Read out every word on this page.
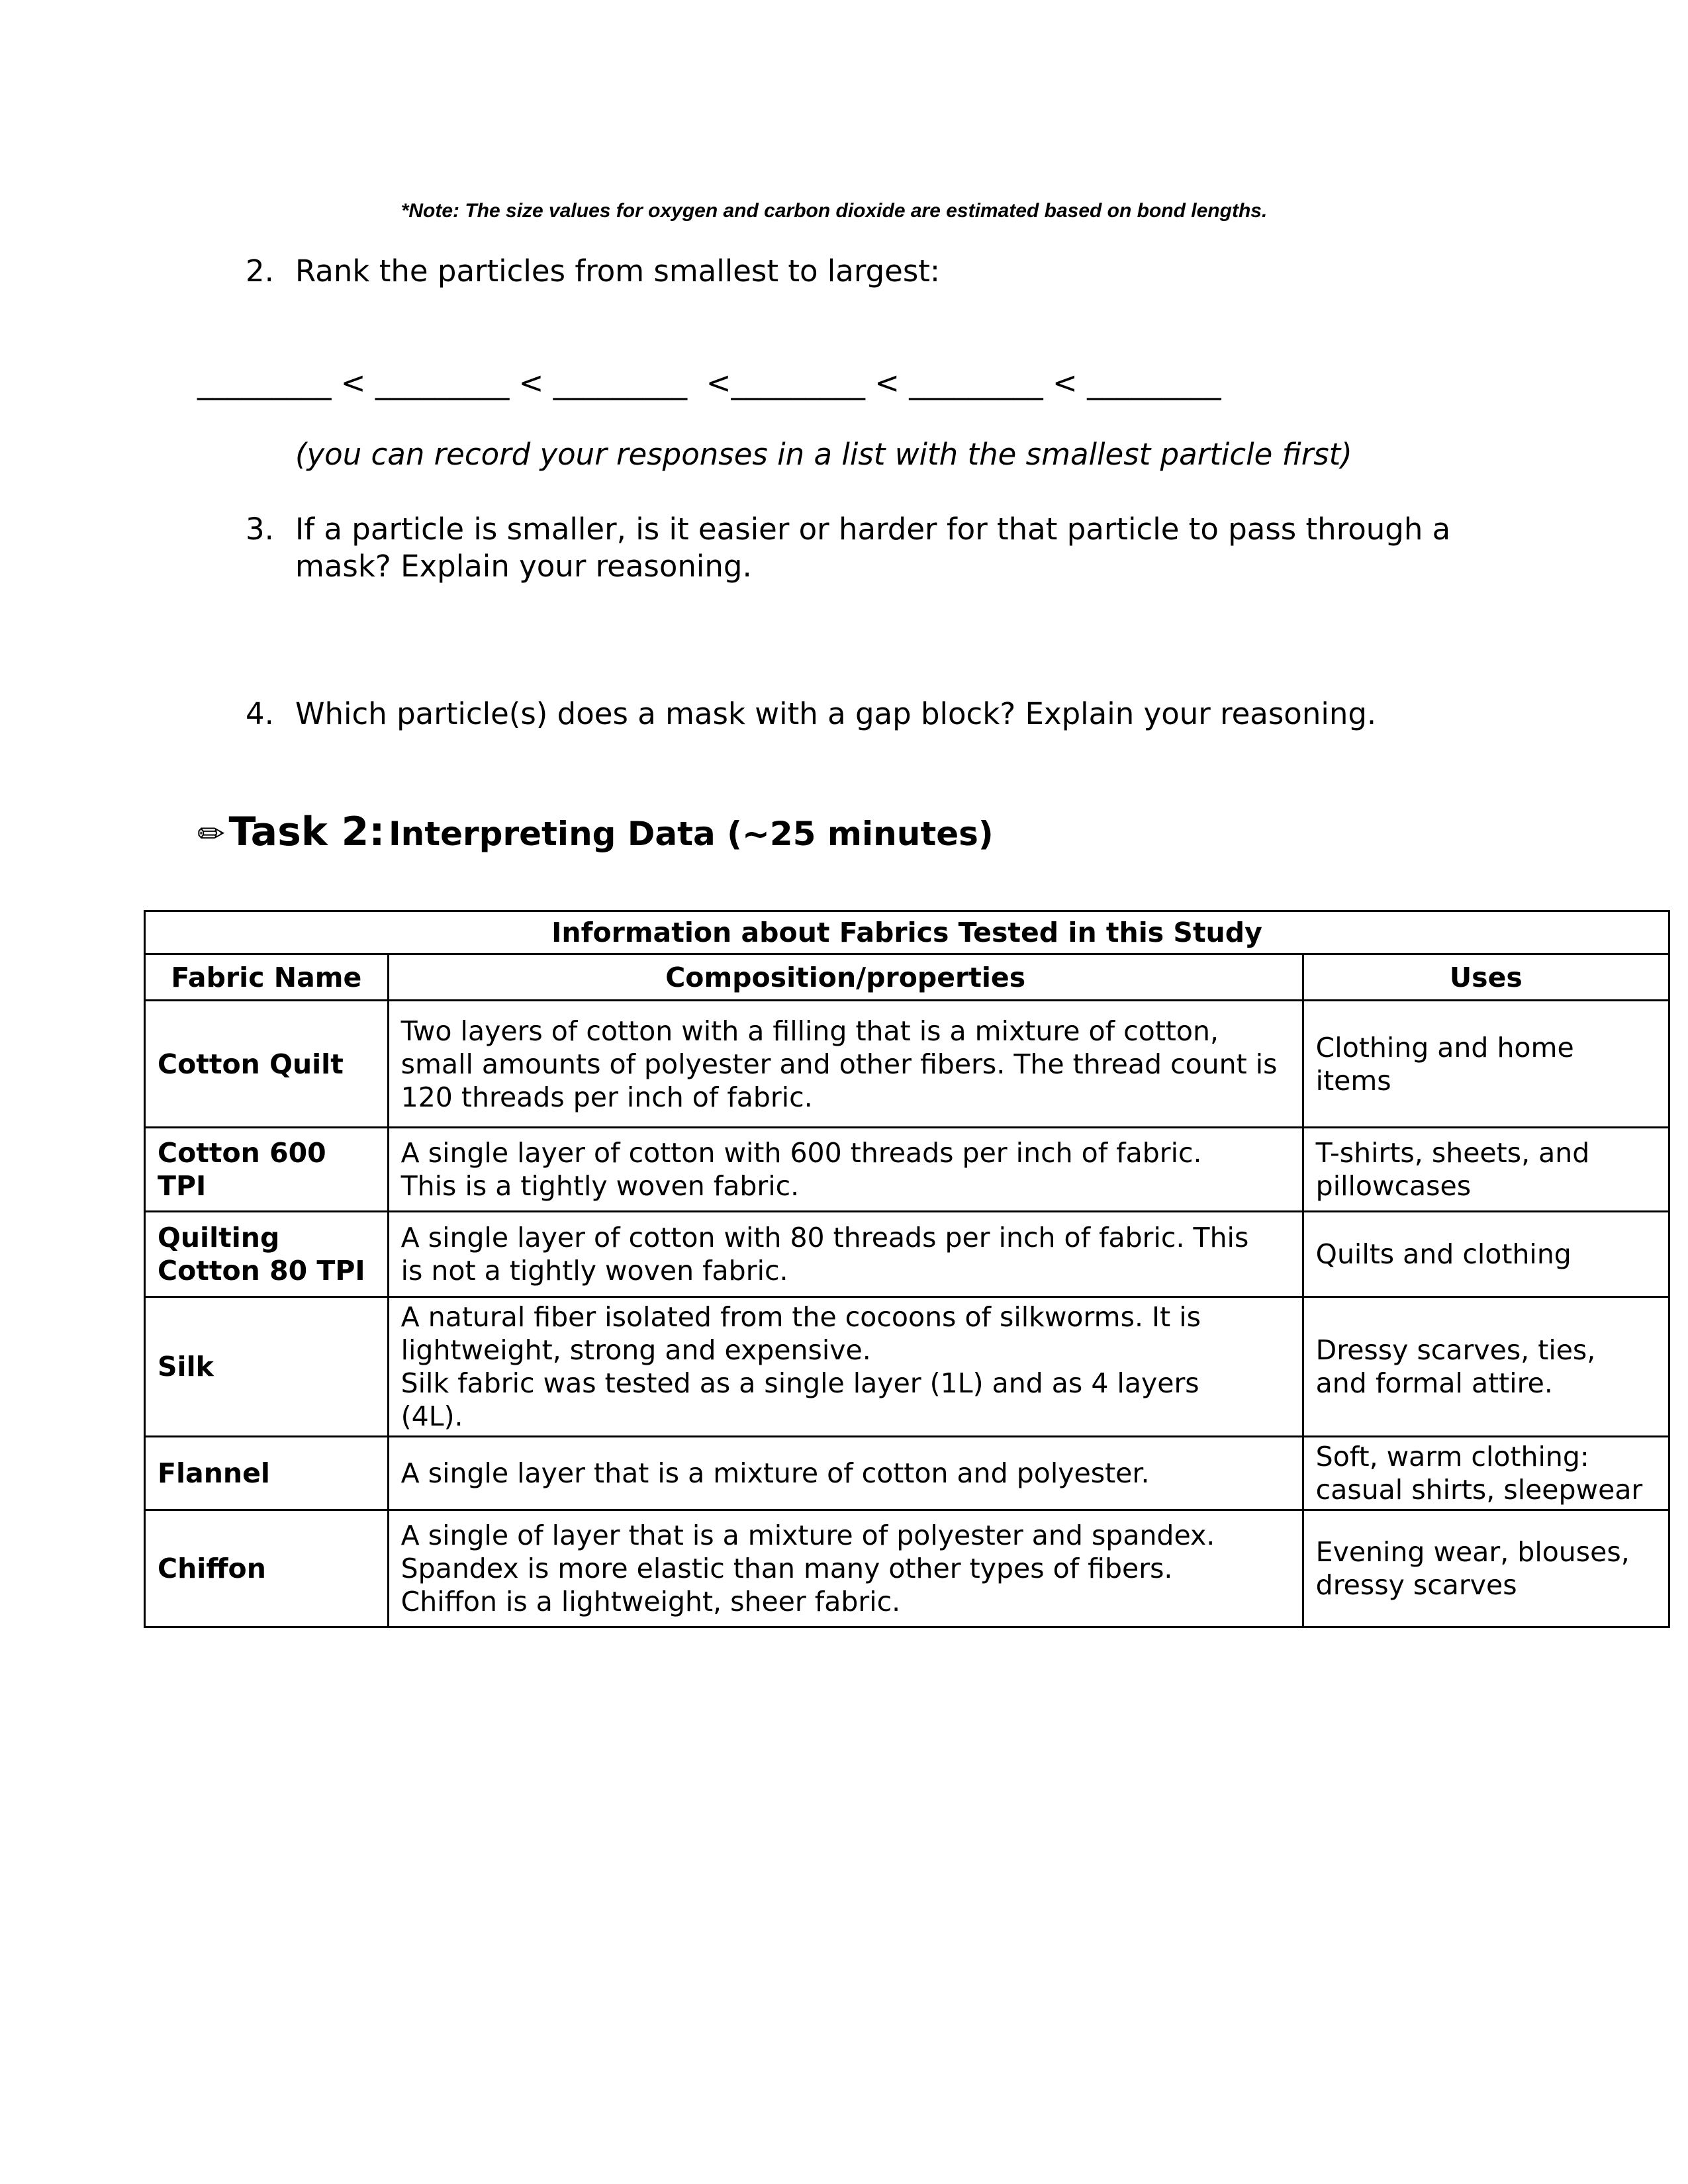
*Note: The size values for oxygen and carbon dioxide are estimated based on bond lengths.
2. Rank the particles from smallest to largest:
_________ < _________ < _________  <_________ < _________ < _________
(you can record your responses in a list with the smallest particle first)
3. If a particle is smaller, is it easier or harder for that particle to pass through a
mask? Explain your reasoning.
4. Which particle(s) does a mask with a gap block? Explain your reasoning.
✏ Task 2: Interpreting Data (~25 minutes)
Information about Fabrics Tested in this Study		
Fabric Name	Composition/properties	Uses
Cotton Quilt	Two layers of cotton with a filling that is a mixture of cotton,
small amounts of polyester and other fibers. The thread count is
120 threads per inch of fabric.	Clothing and home
items
Cotton 600
TPI	A single layer of cotton with 600 threads per inch of fabric.
This is a tightly woven fabric.	T-shirts, sheets, and
pillowcases
Quilting
Cotton 80 TPI	A single layer of cotton with 80 threads per inch of fabric. This
is not a tightly woven fabric.	Quilts and clothing
Silk	A natural fiber isolated from the cocoons of silkworms. It is
lightweight, strong and expensive.
Silk fabric was tested as a single layer (1L) and as 4 layers
(4L).	Dressy scarves, ties,
and formal attire.
Flannel	A single layer that is a mixture of cotton and polyester.	Soft, warm clothing:
casual shirts, sleepwear
Chiffon	A single of layer that is a mixture of polyester and spandex.
Spandex is more elastic than many other types of fibers.
Chiffon is a lightweight, sheer fabric.	Evening wear, blouses,
dressy scarves
